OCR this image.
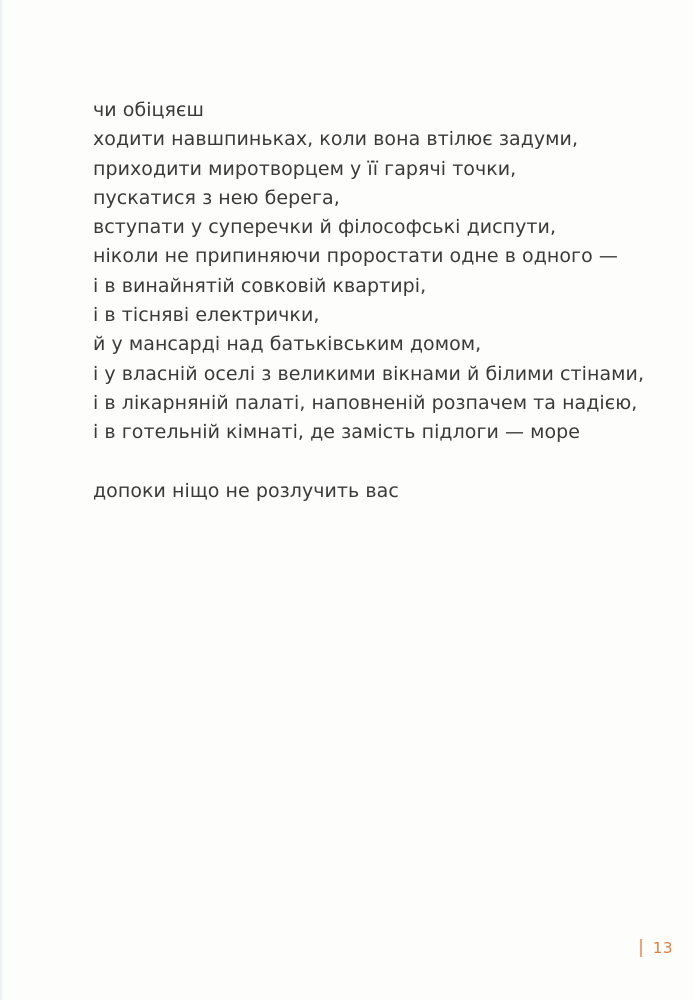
чи обіцяєш
ходити навшпиньках, коли вона втілює задуми,
приходити миротворцем у її гарячі точки,
пускатися з нею берега,
вступати у суперечки й філософські диспути,
ніколи не припиняючи проростати одне в одного —
і в винайнятій совковій квартирі,
і в тісняві електрички,
й у мансарді над батьківським домом,
і у власній оселі з великими вікнами й білими стінами,
і в лікарняній палаті, наповненій розпачем та надією,
і в готельній кімнаті, де замість підлоги — море
допоки ніщо не розлучить вас
13
